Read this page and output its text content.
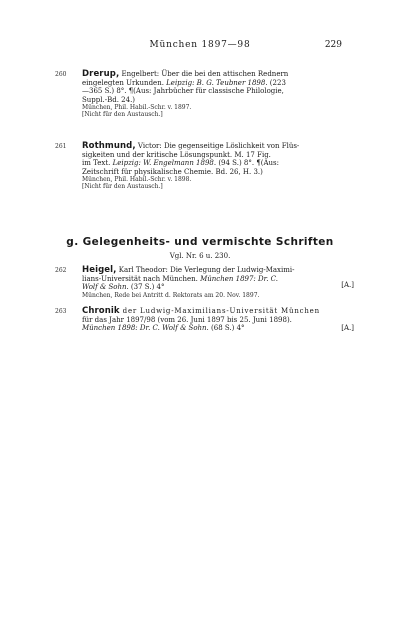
München 1897—98	229
260 Drerup, Engelbert: Über die bei den attischen Rednern
eingelegten Urkunden. Leipzig: B. G. Teubner 1898. (223
—365 S.) 8°. ¶(Aus: Jahrbücher für classische Philologie,
Suppl.-Bd. 24.)
München, Phil. Habil.-Schr. v. 1897.
[Nicht für den Austausch.]
261 Rothmund, Victor: Die gegenseitige Löslichkeit von Flüs-
sigkeiten und der kritische Lösungspunkt. M. 17 Fig.
im Text. Leipzig: W. Engelmann 1898. (94 S.) 8°. ¶(Aus:
Zeitschrift für physikalische Chemie. Bd. 26, H. 3.)
München, Phil. Habil.-Schr. v. 1898.
[Nicht für den Austausch.]
g. Gelegenheits- und vermischte Schriften
Vgl. Nr. 6 u. 230.
262 Heigel, Karl Theodor: Die Verlegung der Ludwig-Maximi-
lians-Universität nach München. München 1897: Dr. C.
Wolf & Sohn. (37 S.) 4°
München, Rede bei Antritt d. Rektorats am 20. Nov. 1897.
[A.]
263 Chronik der Ludwig-Maximilians-Universität München
für das Jahr 1897/98 (vom 26. Juni 1897 bis 25. Juni 1898).
München 1898: Dr. C. Wolf & Sohn. (68 S.) 4°	[A.]
